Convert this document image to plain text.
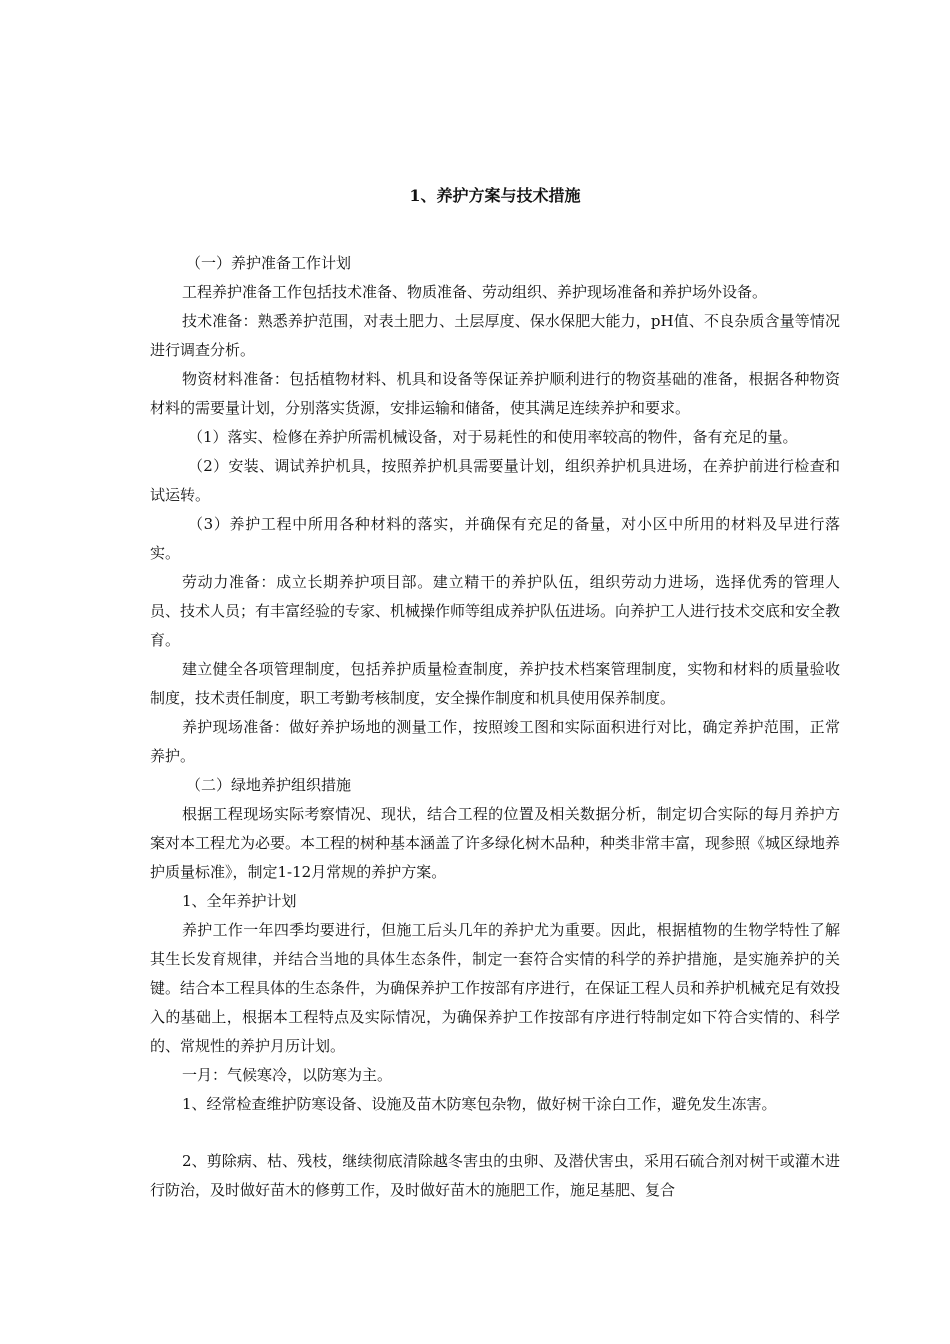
1、养护方案与技术措施

（一）养护准备工作计划

工程养护准备工作包括技术准备、物质准备、劳动组织、养护现场准备和养护场外设备。

技术准备：熟悉养护范围，对表土肥力、土层厚度、保水保肥大能力，pH值、不良杂质含量等情况进行调查分析。

物资材料准备：包括植物材料、机具和设备等保证养护顺利进行的物资基础的准备，根据各种物资材料的需要量计划，分别落实货源，安排运输和储备，使其满足连续养护和要求。

（1）落实、检修在养护所需机械设备，对于易耗性的和使用率较高的物件，备有充足的量。

（2）安装、调试养护机具，按照养护机具需要量计划，组织养护机具进场，在养护前进行检查和试运转。

（3）养护工程中所用各种材料的落实，并确保有充足的备量，对小区中所用的材料及早进行落实。

劳动力准备：成立长期养护项目部。建立精干的养护队伍，组织劳动力进场，选择优秀的管理人员、技术人员；有丰富经验的专家、机械操作师等组成养护队伍进场。向养护工人进行技术交底和安全教育。

建立健全各项管理制度，包括养护质量检查制度，养护技术档案管理制度，实物和材料的质量验收制度，技术责任制度，职工考勤考核制度，安全操作制度和机具使用保养制度。

养护现场准备：做好养护场地的测量工作，按照竣工图和实际面积进行对比，确定养护范围，正常养护。

（二）绿地养护组织措施

根据工程现场实际考察情况、现状，结合工程的位置及相关数据分析，制定切合实际的每月养护方案对本工程尤为必要。本工程的树种基本涵盖了许多绿化树木品种，种类非常丰富，现参照《城区绿地养护质量标准》，制定1-12月常规的养护方案。

1、全年养护计划

养护工作一年四季均要进行，但施工后头几年的养护尤为重要。因此，根据植物的生物学特性了解其生长发育规律，并结合当地的具体生态条件，制定一套符合实情的科学的养护措施，是实施养护的关键。结合本工程具体的生态条件，为确保养护工作按部有序进行，在保证工程人员和养护机械充足有效投入的基础上，根据本工程特点及实际情况，为确保养护工作按部有序进行特制定如下符合实情的、科学的、常规性的养护月历计划。

一月：气候寒冷，以防寒为主。

1、经常检查维护防寒设备、设施及苗木防寒包杂物，做好树干涂白工作，避免发生冻害。

2、剪除病、枯、残枝，继续彻底清除越冬害虫的虫卵、及潜伏害虫，采用石硫合剂对树干或灌木进行防治，及时做好苗木的修剪工作，及时做好苗木的施肥工作，施足基肥、复合
